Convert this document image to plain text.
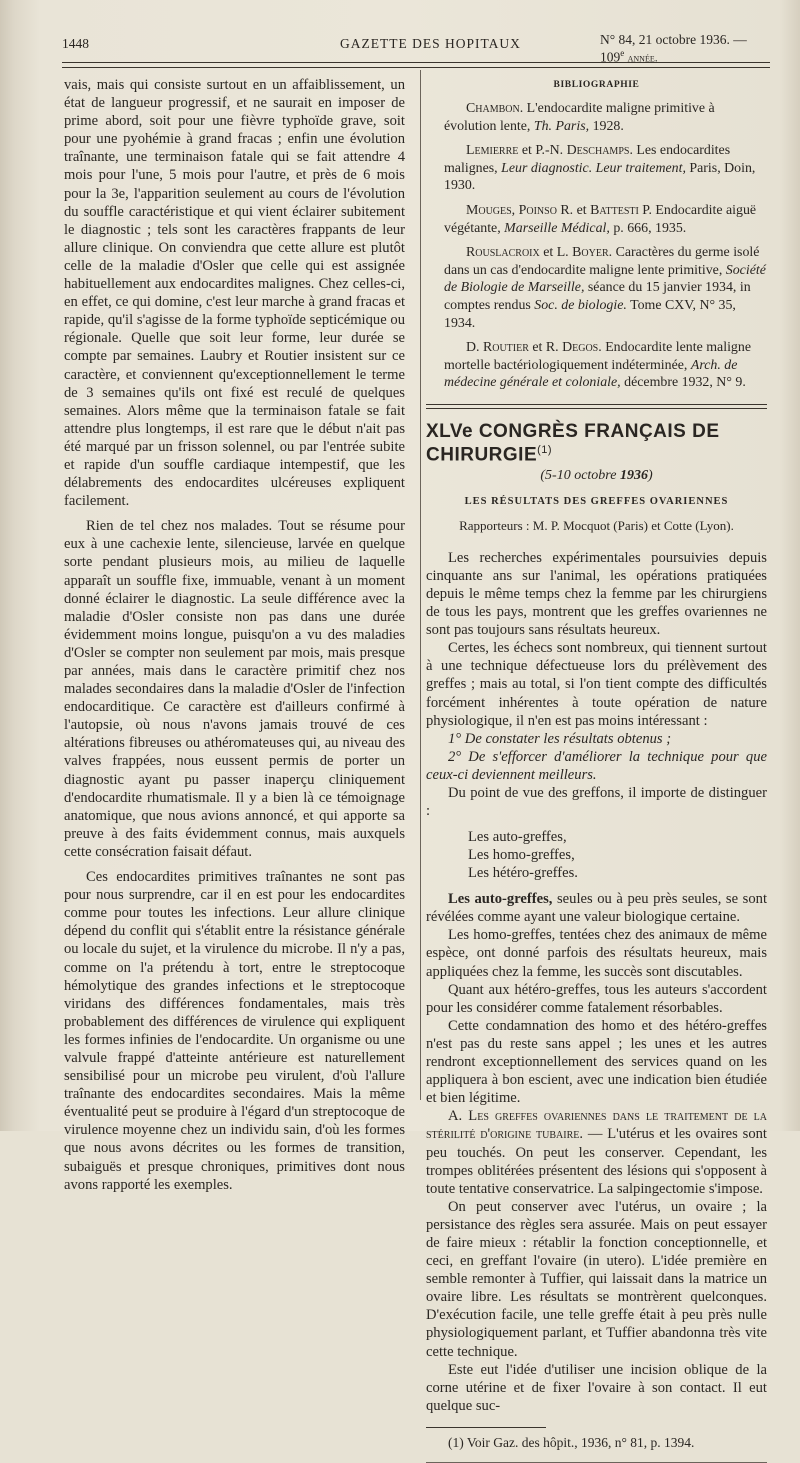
1448	GAZETTE DES HOPITAUX	N° 84, 21 octobre 1936. — 109e année.

vais, mais qui consiste surtout en un affaiblissement, un état de langueur progressif, et ne saurait en imposer de prime abord, soit pour une fièvre typhoïde grave, soit pour une pyohémie à grand fracas ; enfin une évolution traînante, une terminaison fatale qui se fait attendre 4 mois pour l'une, 5 mois pour l'autre, et près de 6 mois pour la 3e, l'apparition seulement au cours de l'évolution du souffle caractéristique et qui vient éclairer subitement le diagnostic ; tels sont les caractères frappants de leur allure clinique. On conviendra que cette allure est plutôt celle de la maladie d'Osler que celle qui est assignée habituellement aux endocardites malignes. Chez celles-ci, en effet, ce qui domine, c'est leur marche à grand fracas et rapide, qu'il s'agisse de la forme typhoïde septicémique ou régionale. Quelle que soit leur forme, leur durée se compte par semaines. Laubry et Routier insistent sur ce caractère, et conviennent qu'exceptionnellement le terme de 3 semaines qu'ils ont fixé est reculé de quelques semaines. Alors même que la terminaison fatale se fait attendre plus longtemps, il est rare que le début n'ait pas été marqué par un frisson solennel, ou par l'entrée subite et rapide d'un souffle cardiaque intempestif, que les délabrements des endocardites ulcéreuses expliquent facilement.

Rien de tel chez nos malades. Tout se résume pour eux à une cachexie lente, silencieuse, larvée en quelque sorte pendant plusieurs mois, au milieu de laquelle apparaît un souffle fixe, immuable, venant à un moment donné éclairer le diagnostic. La seule différence avec la maladie d'Osler consiste non pas dans une durée évidemment moins longue, puisqu'on a vu des maladies d'Osler se compter non seulement par mois, mais presque par années, mais dans le caractère primitif chez nos malades secondaires dans la maladie d'Osler de l'infection endocarditique. Ce caractère est d'ailleurs confirmé à l'autopsie, où nous n'avons jamais trouvé de ces altérations fibreuses ou athéromateuses qui, au niveau des valves frappées, nous eussent permis de porter un diagnostic ayant pu passer inaperçu cliniquement d'endocardite rhumatismale. Il y a bien là ce témoignage anatomique, que nous avions annoncé, et qui apporte sa preuve à des faits évidemment connus, mais auxquels cette consécration faisait défaut.

Ces endocardites primitives traînantes ne sont pas pour nous surprendre, car il en est pour les endocardites comme pour toutes les infections. Leur allure clinique dépend du conflit qui s'établit entre la résistance générale ou locale du sujet, et la virulence du microbe. Il n'y a pas, comme on l'a prétendu à tort, entre le streptocoque hémolytique des grandes infections et le streptocoque viridans des différences fondamentales, mais très probablement des différences de virulence qui expliquent les formes infinies de l'endocardite. Un organisme ou une valvule frappé d'atteinte antérieure est naturellement sensibilisé pour un microbe peu virulent, d'où l'allure traînante des endocardites secondaires. Mais la même éventualité peut se produire à l'égard d'un streptocoque de virulence moyenne chez un individu sain, d'où les formes que nous avons décrites ou les formes de transition, subaiguës et presque chroniques, primitives dont nous avons rapporté les exemples.

BIBLIOGRAPHIE

Chambon. L'endocardite maligne primitive à évolution lente, Th. Paris, 1928.

Lemierre et P.-N. Deschamps. Les endocardites malignes, Leur diagnostic. Leur traitement, Paris, Doin, 1930.

Mouges, Poinso R. et Battesti P. Endocardite aiguë végétante, Marseille Médical, p. 666, 1935.

Rouslacroix et L. Boyer. Caractères du germe isolé dans un cas d'endocardite maligne lente primitive, Société de Biologie de Marseille, séance du 15 janvier 1934, in comptes rendus Soc. de biologie. Tome CXV, N° 35, 1934.

D. Routier et R. Degos. Endocardite lente maligne mortelle bactériologiquement indéterminée, Arch. de médecine générale et coloniale, décembre 1932, N° 9.

XLVe CONGRÈS FRANÇAIS DE CHIRURGIE$^{(1)}$
(5-10 octobre 1936)
LES RÉSULTATS DES GREFFES OVARIENNES
Rapporteurs : M. P. Mocquot (Paris) et Cotte (Lyon).

Les recherches expérimentales poursuivies depuis cinquante ans sur l'animal, les opérations pratiquées depuis le même temps chez la femme par les chirurgiens de tous les pays, montrent que les greffes ovariennes ne sont pas toujours sans résultats heureux.

Certes, les échecs sont nombreux, qui tiennent surtout à une technique défectueuse lors du prélèvement des greffes ; mais au total, si l'on tient compte des difficultés forcément inhérentes à toute opération de nature physiologique, il n'en est pas moins intéressant :

1° De constater les résultats obtenus ;

2° De s'efforcer d'améliorer la technique pour que ceux-ci deviennent meilleurs.

Du point de vue des greffons, il importe de distinguer :

Les auto-greffes,
Les homo-greffes,
Les hétéro-greffes.

Les auto-greffes, seules ou à peu près seules, se sont révélées comme ayant une valeur biologique certaine.

Les homo-greffes, tentées chez des animaux de même espèce, ont donné parfois des résultats heureux, mais appliquées chez la femme, les succès sont discutables.

Quant aux hétéro-greffes, tous les auteurs s'accordent pour les considérer comme fatalement résorbables.

Cette condamnation des homo et des hétéro-greffes n'est pas du reste sans appel ; les unes et les autres rendront exceptionnellement des services quand on les appliquera à bon escient, avec une indication bien étudiée et bien légitime.

A. Les greffes ovariennes dans le traitement de la stérilité d'origine tubaire. — L'utérus et les ovaires sont peu touchés. On peut les conserver. Cependant, les trompes oblitérées présentent des lésions qui s'opposent à toute tentative conservatrice. La salpingectomie s'impose.

On peut conserver avec l'utérus, un ovaire ; la persistance des règles sera assurée. Mais on peut essayer de faire mieux : rétablir la fonction conceptionnelle, et ceci, en greffant l'ovaire (in utero). L'idée première en semble remonter à Tuffier, qui laissait dans la matrice un ovaire libre. Les résultats se montrèrent quelconques. D'exécution facile, une telle greffe était à peu près nulle physiologiquement parlant, et Tuffier abandonna très vite cette technique.

Este eut l'idée d'utiliser une incision oblique de la corne utérine et de fixer l'ovaire à son contact. Il eut quelque suc-

(1) Voir Gaz. des hôpit., 1936, n° 81, p. 1394.
